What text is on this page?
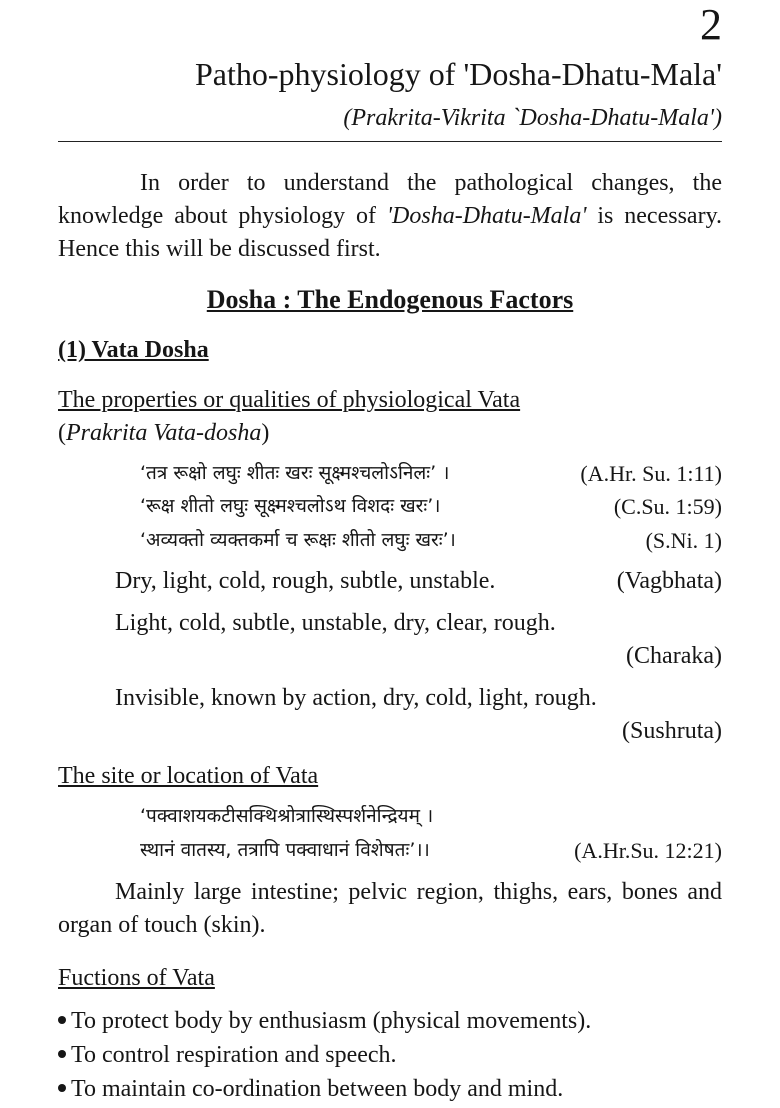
2
Patho-physiology of 'Dosha-Dhatu-Mala'
(Prakrita-Vikrita `Dosha-Dhatu-Mala')

In order to understand the pathological changes, the knowledge about physiology of 'Dosha-Dhatu-Mala' is necessary. Hence this will be discussed first.

Dosha : The Endogenous Factors
(1) Vata Dosha
The properties or qualities of physiological Vata
(Prakrita Vata-dosha)
‘तत्र रूक्षो लघुः शीतः खरः सूक्ष्मश्चलोऽनिलः’ ।	(A.Hr. Su. 1:11)
‘रूक्ष शीतो लघुः सूक्ष्मश्चलोऽथ विशदः खरः’।	(C.Su. 1:59)
‘अव्यक्तो व्यक्तकर्मा च रूक्षः शीतो लघुः खरः’।	(S.Ni. 1)
Dry, light, cold, rough, subtle, unstable.	(Vagbhata)
Light, cold, subtle, unstable, dry, clear, rough.
(Charaka)
Invisible, known by action, dry, cold, light, rough.
(Sushruta)
The site or location of Vata
‘पक्वाशयकटीसक्थिश्रोत्रास्थिस्पर्शनेन्द्रियम् ।
स्थानं वातस्य, तत्रापि पक्वाधानं विशेषतः’।।	(A.Hr.Su. 12:21)

Mainly large intestine; pelvic region, thighs, ears, bones and organ of touch (skin).

Fuctions of Vata
To protect body by enthusiasm (physical movements).
To control respiration and speech.
To maintain co-ordination between body and mind.
